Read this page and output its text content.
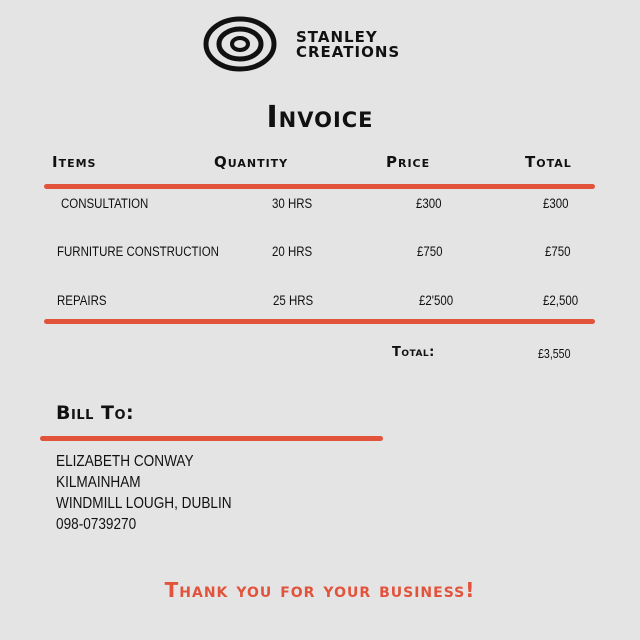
STANLEY
CREATIONS
Invoice
Items	Quantity	Price	Total
CONSULTATION	30 HRS	£300	£300
FURNITURE CONSTRUCTION	20 HRS	£750	£750
REPAIRS	25 HRS	£2'500	£2,500
Total:	£3,550
Bill To:
ELIZABETH CONWAY
KILMAINHAM
WINDMILL LOUGH, DUBLIN
098-0739270
Thank you for your business!
